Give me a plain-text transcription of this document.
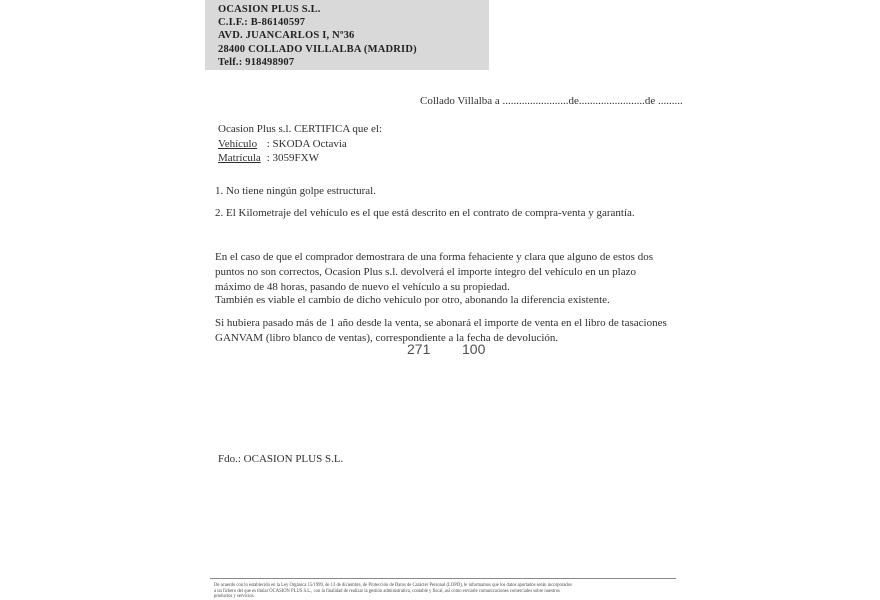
OCASION PLUS S.L.
C.I.F.: B-86140597
AVD. JUANCARLOS I, Nº36
28400 COLLADO VILLALBA (MADRID)
Telf.: 918498907
Collado Villalba a ........................de........................de .........
Ocasion Plus s.l. CERTIFICA que el:
Vehículo : SKODA Octavia
Matrícula : 3059FXW
1. No tiene ningún golpe estructural.
2. El Kilometraje del vehículo es el que está descrito en el contrato de compra-venta y garantía.
En el caso de que el comprador demostrara de una forma fehaciente y clara que alguno de estos dos puntos no son correctos, Ocasion Plus s.l. devolverá el importe íntegro del vehículo en un plazo máximo de 48 horas, pasando de nuevo el vehículo a su propiedad.
También es viable el cambio de dicho vehículo por otro, abonando la diferencia existente.
Si hubiera pasado más de 1 año desde la venta, se abonará el importe de venta en el libro de tasaciones GANVAM (libro blanco de ventas), correspondiente a la fecha de devolución.
Fdo.: OCASION PLUS S.L.
De acuerdo con lo establecido en la Ley Orgánica 15/1999, de 13 de diciembre, de Protección de Datos de Carácter Personal (LOPD), le informamos que los datos aportados serán incorporados a un fichero del que es titular OCASION PLUS S.L., con la finalidad de realizar la gestión administrativa, contable y fiscal, así como enviarle comunicaciones comerciales sobre nuestros productos y servicios.
271 100
